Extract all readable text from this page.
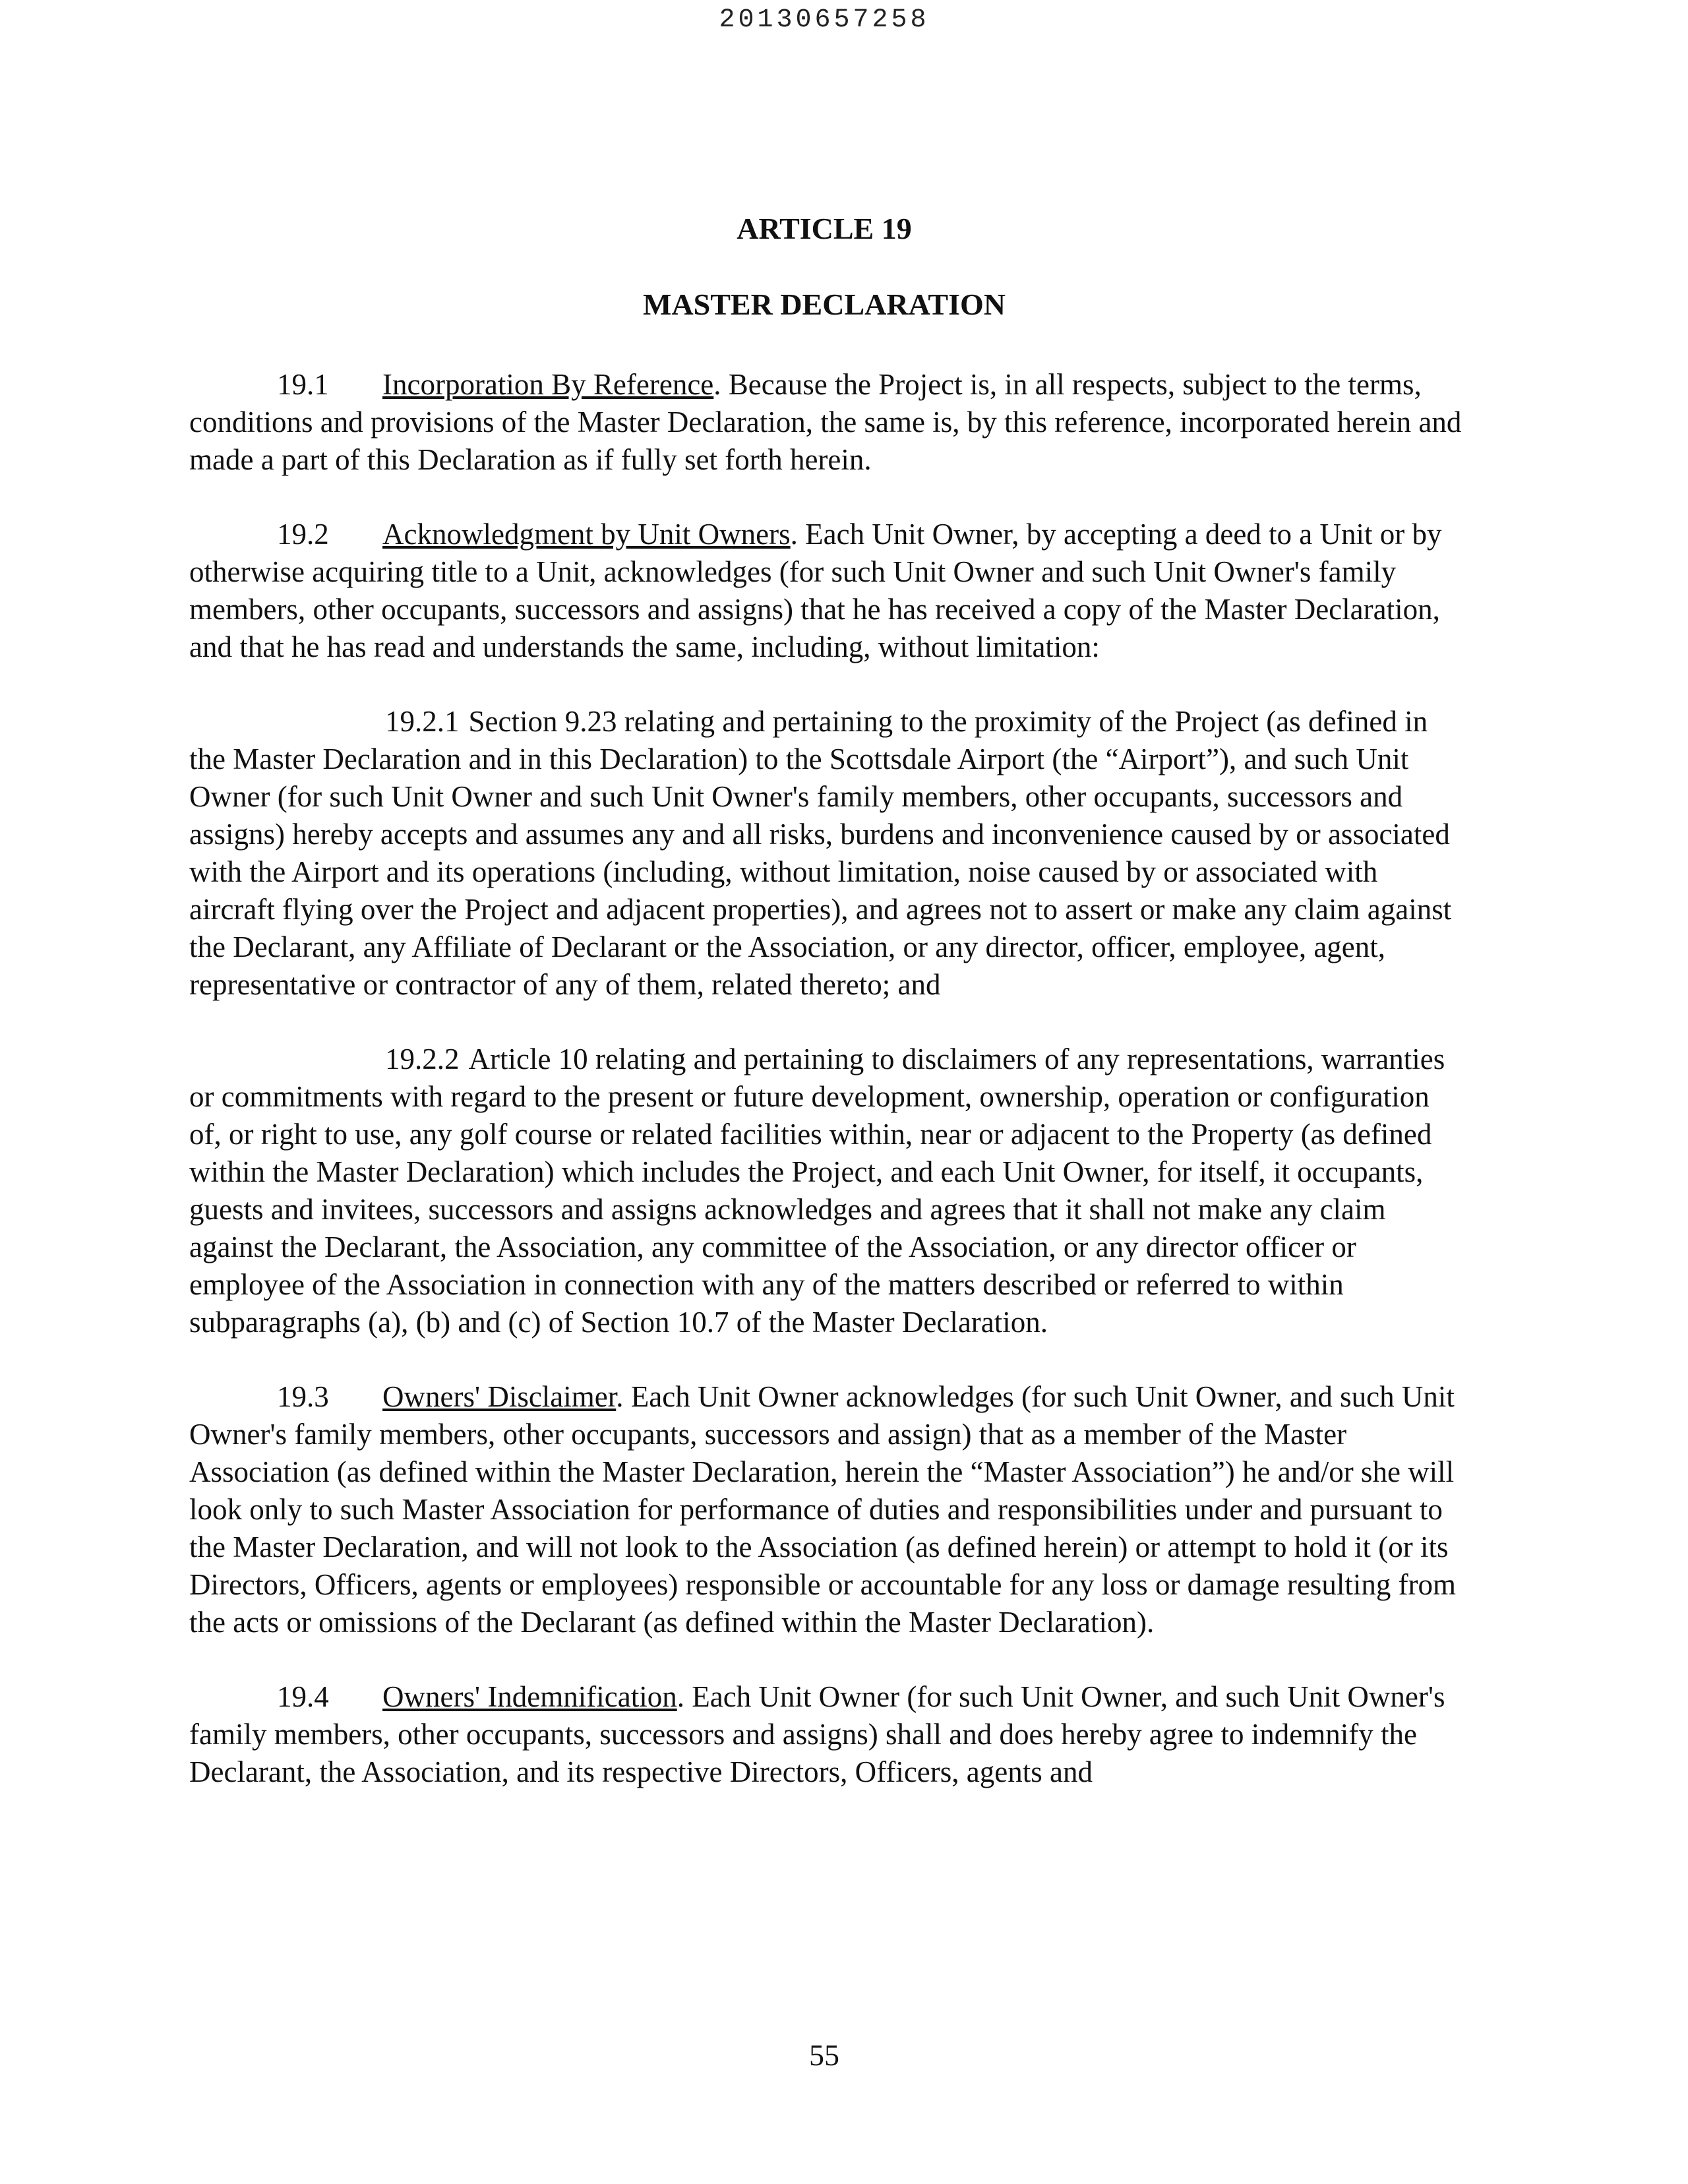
20130657258
ARTICLE 19
MASTER DECLARATION

19.1 Incorporation By Reference. Because the Project is, in all respects, subject to the terms, conditions and provisions of the Master Declaration, the same is, by this reference, incorporated herein and made a part of this Declaration as if fully set forth herein.

19.2 Acknowledgment by Unit Owners. Each Unit Owner, by accepting a deed to a Unit or by otherwise acquiring title to a Unit, acknowledges (for such Unit Owner and such Unit Owner's family members, other occupants, successors and assigns) that he has received a copy of the Master Declaration, and that he has read and understands the same, including, without limitation:

19.2.1 Section 9.23 relating and pertaining to the proximity of the Project (as defined in the Master Declaration and in this Declaration) to the Scottsdale Airport (the “Airport”), and such Unit Owner (for such Unit Owner and such Unit Owner's family members, other occupants, successors and assigns) hereby accepts and assumes any and all risks, burdens and inconvenience caused by or associated with the Airport and its operations (including, without limitation, noise caused by or associated with aircraft flying over the Project and adjacent properties), and agrees not to assert or make any claim against the Declarant, any Affiliate of Declarant or the Association, or any director, officer, employee, agent, representative or contractor of any of them, related thereto; and

19.2.2 Article 10 relating and pertaining to disclaimers of any representations, warranties or commitments with regard to the present or future development, ownership, operation or configuration of, or right to use, any golf course or related facilities within, near or adjacent to the Property (as defined within the Master Declaration) which includes the Project, and each Unit Owner, for itself, it occupants, guests and invitees, successors and assigns acknowledges and agrees that it shall not make any claim against the Declarant, the Association, any committee of the Association, or any director officer or employee of the Association in connection with any of the matters described or referred to within subparagraphs (a), (b) and (c) of Section 10.7 of the Master Declaration.

19.3 Owners' Disclaimer. Each Unit Owner acknowledges (for such Unit Owner, and such Unit Owner's family members, other occupants, successors and assign) that as a member of the Master Association (as defined within the Master Declaration, herein the “Master Association”) he and/or she will look only to such Master Association for performance of duties and responsibilities under and pursuant to the Master Declaration, and will not look to the Association (as defined herein) or attempt to hold it (or its Directors, Officers, agents or employees) responsible or accountable for any loss or damage resulting from the acts or omissions of the Declarant (as defined within the Master Declaration).

19.4 Owners' Indemnification. Each Unit Owner (for such Unit Owner, and such Unit Owner's family members, other occupants, successors and assigns) shall and does hereby agree to indemnify the Declarant, the Association, and its respective Directors, Officers, agents and

55
